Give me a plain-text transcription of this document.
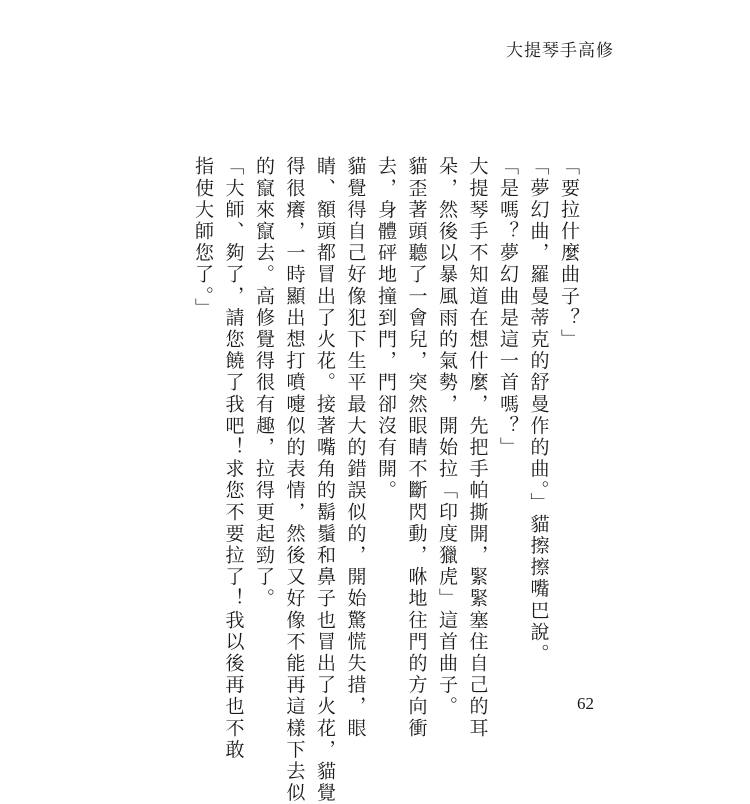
大提琴手高修

「要拉什麼曲子？」

「夢幻曲，羅曼蒂克的舒曼作的曲。」貓擦擦嘴巴說。

「是嗎？夢幻曲是這一首嗎？」

大提琴手不知道在想什麼，先把手帕撕開，緊緊塞住自己的耳

朵，然後以暴風雨的氣勢，開始拉「印度獵虎」這首曲子。

貓歪著頭聽了一會兒，突然眼睛不斷閃動，咻地往門的方向衝

去，身體砰地撞到門，門卻沒有開。

貓覺得自己好像犯下生平最大的錯誤似的，開始驚慌失措，眼

睛、額頭都冒出了火花。接著嘴角的鬍鬚和鼻子也冒出了火花，貓覺

得很癢，一時顯出想打噴嚏似的表情，然後又好像不能再這樣下去似

的竄來竄去。高修覺得很有趣，拉得更起勁了。

「大師、夠了，請您饒了我吧！求您不要拉了！我以後再也不敢

指使大師您了。」

62
